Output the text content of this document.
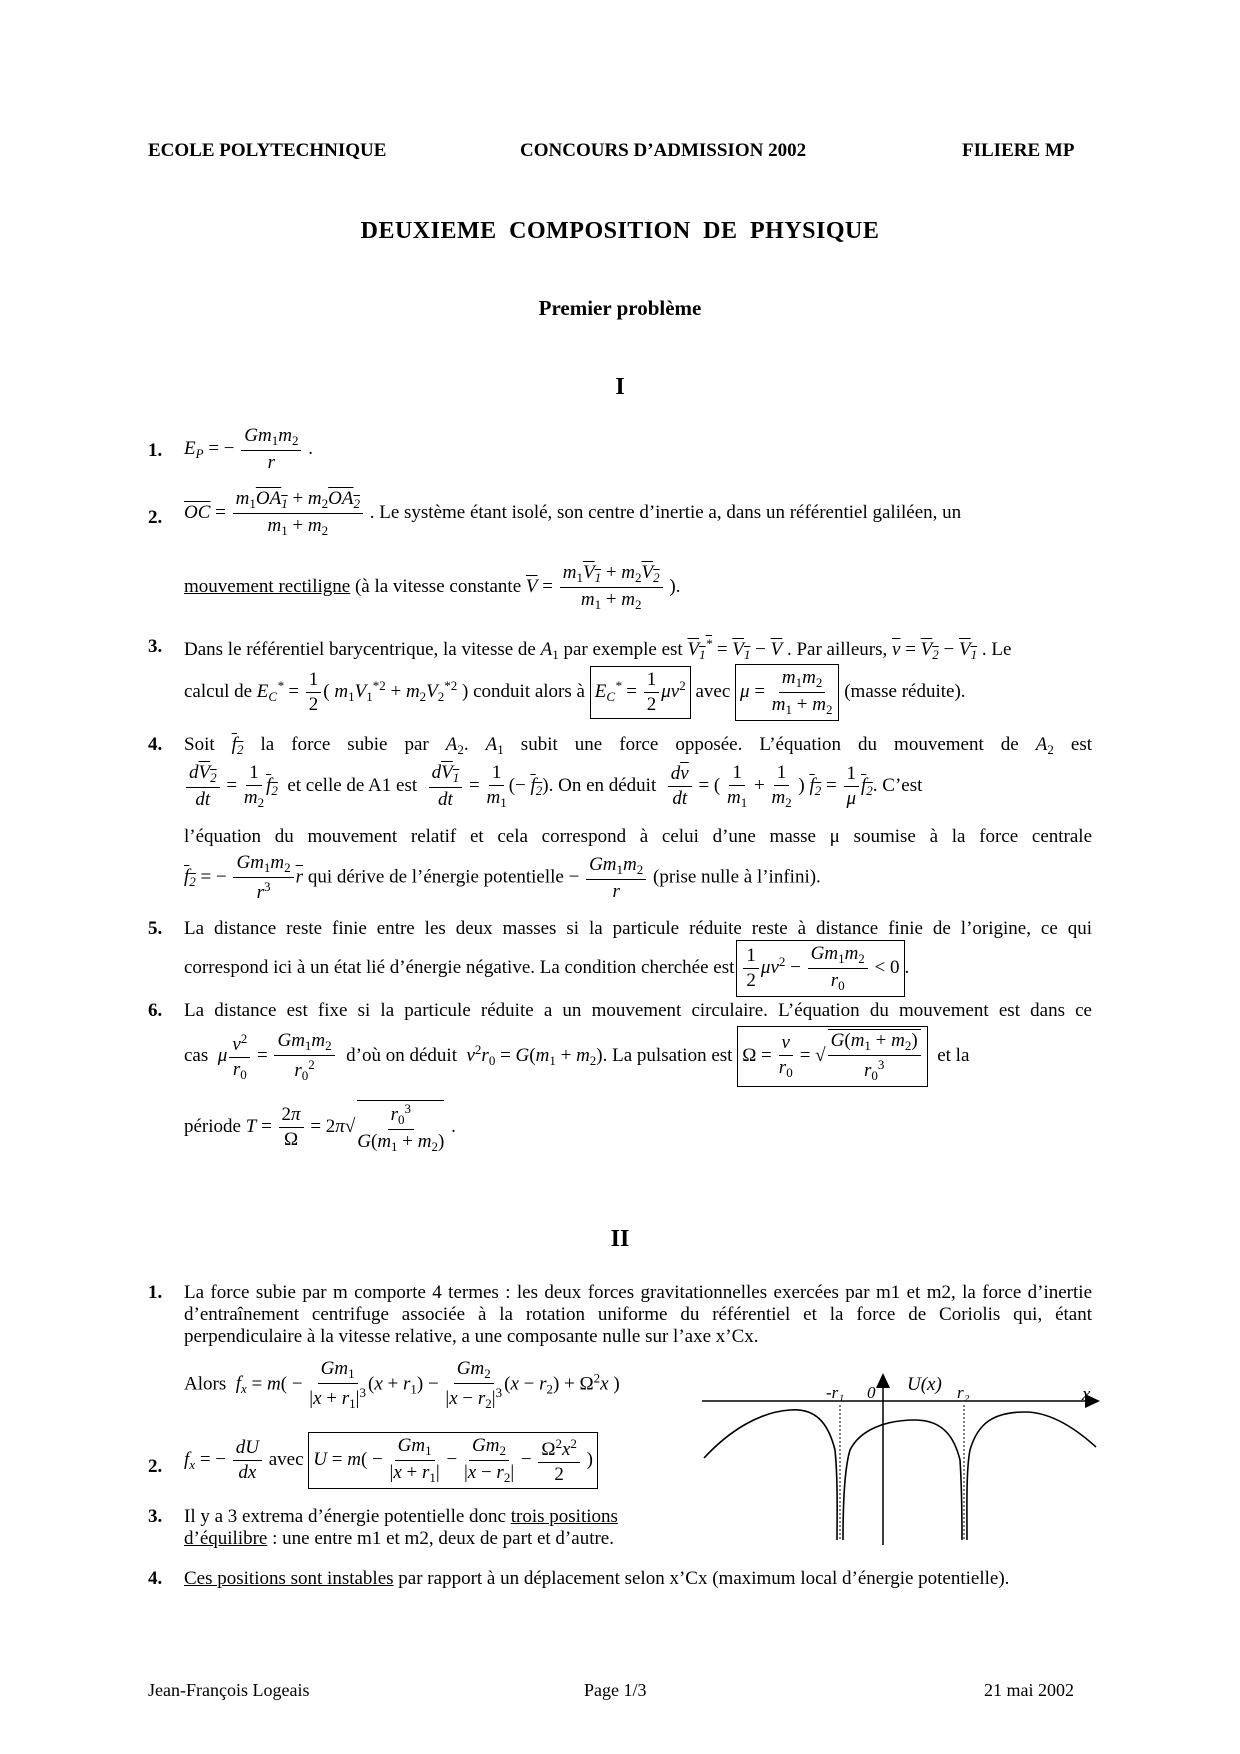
ECOLE POLYTECHNIQUE	CONCOURS D’ADMISSION 2002	FILIERE MP
DEUXIEME COMPOSITION DE PHYSIQUE
Premier problème
I
1. $E_P$ = − $\frac{Gm_1m_2}{r}$ .
2. $\overline{OC} = \frac{m_1OA_1 + m_2OA_2}{m_1 + m_2}$ . Le système étant isolé, son centre d’inertie a, dans un référentiel galiléen, un
mouvement rectiligne (à la vitesse constante $\overline{V} = \frac{m_1V_1 + m_2V_2}{m_1 + m_2}$ ).
3. Dans le référentiel barycentrique, la vitesse de $A_1$ par exemple est $V_1^* = V_1 - \overline{V}$ . Par ailleurs, $\overline{v} = V_2 - V_1$ . Le
calcul de $E_C^* = \frac{1}{2}$ ( $m_1V_1^{*2} + m_2V_2^{*2}$ ) conduit alors à $E_C^* = \frac{1}{2} \mu v^2$ avec $\mu = \frac{m_1m_2}{m_1 + m_2}$ (masse réduite).
4. Soit $f_2$ la force subie par $A_2$. $A_1$ subit une force opposée. L’équation du mouvement de $A_2$ est
$\frac{dV_2}{dt} = \frac{1}{m_2} f_2$ et celle de A1 est $\frac{dV_1}{dt} = \frac{1}{m_1}$ (− $f_2$). On en déduit $\frac{d\overline{v}}{dt}$ = ( $\frac{1}{m_1} + \frac{1}{m_2}$ ) $f_2 = \frac{1}{\mu} f_2$. C’est
l’équation du mouvement relatif et cela correspond à celui d’une masse μ soumise à la force centrale
$f_2$ = − $\frac{Gm_1m_2}{r^3} \overline{r}$ qui dérive de l’énergie potentielle − $\frac{Gm_1m_2}{r}$ (prise nulle à l’infini).
5. La distance reste finie entre les deux masses si la particule réduite reste à distance finie de l’origine, ce qui
correspond ici à un état lié d’énergie négative. La condition cherchée est $\frac{1}{2} \mu v^2 - \frac{Gm_1m_2}{r_0} < 0$ .
6. La distance est fixe si la particule réduite a un mouvement circulaire. L’équation du mouvement est dans ce
cas μ $\frac{v^2}{r_0} = \frac{Gm_1m_2}{r_0^2}$ d’où on déduit $v^2r_0 = G(m_1 + m_2)$. La pulsation est $\Omega = \frac{v}{r_0}$ = √ $\frac{G(m_1 + m_2)}{r_0^3}$ et la
période $T = \frac{2\pi}{\Omega} = 2\pi√ \frac{r_0^3}{G(m_1 + m_2)}$ .
II
1. La force subie par m comporte 4 termes : les deux forces gravitationnelles exercées par m1 et m2, la force d’inertie d’entraînement centrifuge associée à la rotation uniforme du référentiel et la force de Coriolis qui, étant perpendiculaire à la vitesse relative, a une composante nulle sur l’axe x’Cx.
Alors $f_x = m( - \frac{Gm_1}{|x + r_1|^3} (x + r_1) - \frac{Gm_2}{|x - r_2|^3} (x - r_2) + \Omega^2x$ )
2. $f_x$ = − $\frac{dU}{dx}$ avec $U = m( - \frac{Gm_1}{|x + r_1|} - \frac{Gm_2}{|x - r_2|} - \frac{\Omega^2x^2}{2}$ )
3. Il y a 3 extrema d’énergie potentielle donc trois positions d’équilibre : une entre m1 et m2, deux de part et d’autre.
4. Ces positions sont instables par rapport à un déplacement selon x’Cx (maximum local d’énergie potentielle).
U(x)	x
-r₁ 0	r₂
Jean-François Logeais	Page 1/3	21 mai 2002
